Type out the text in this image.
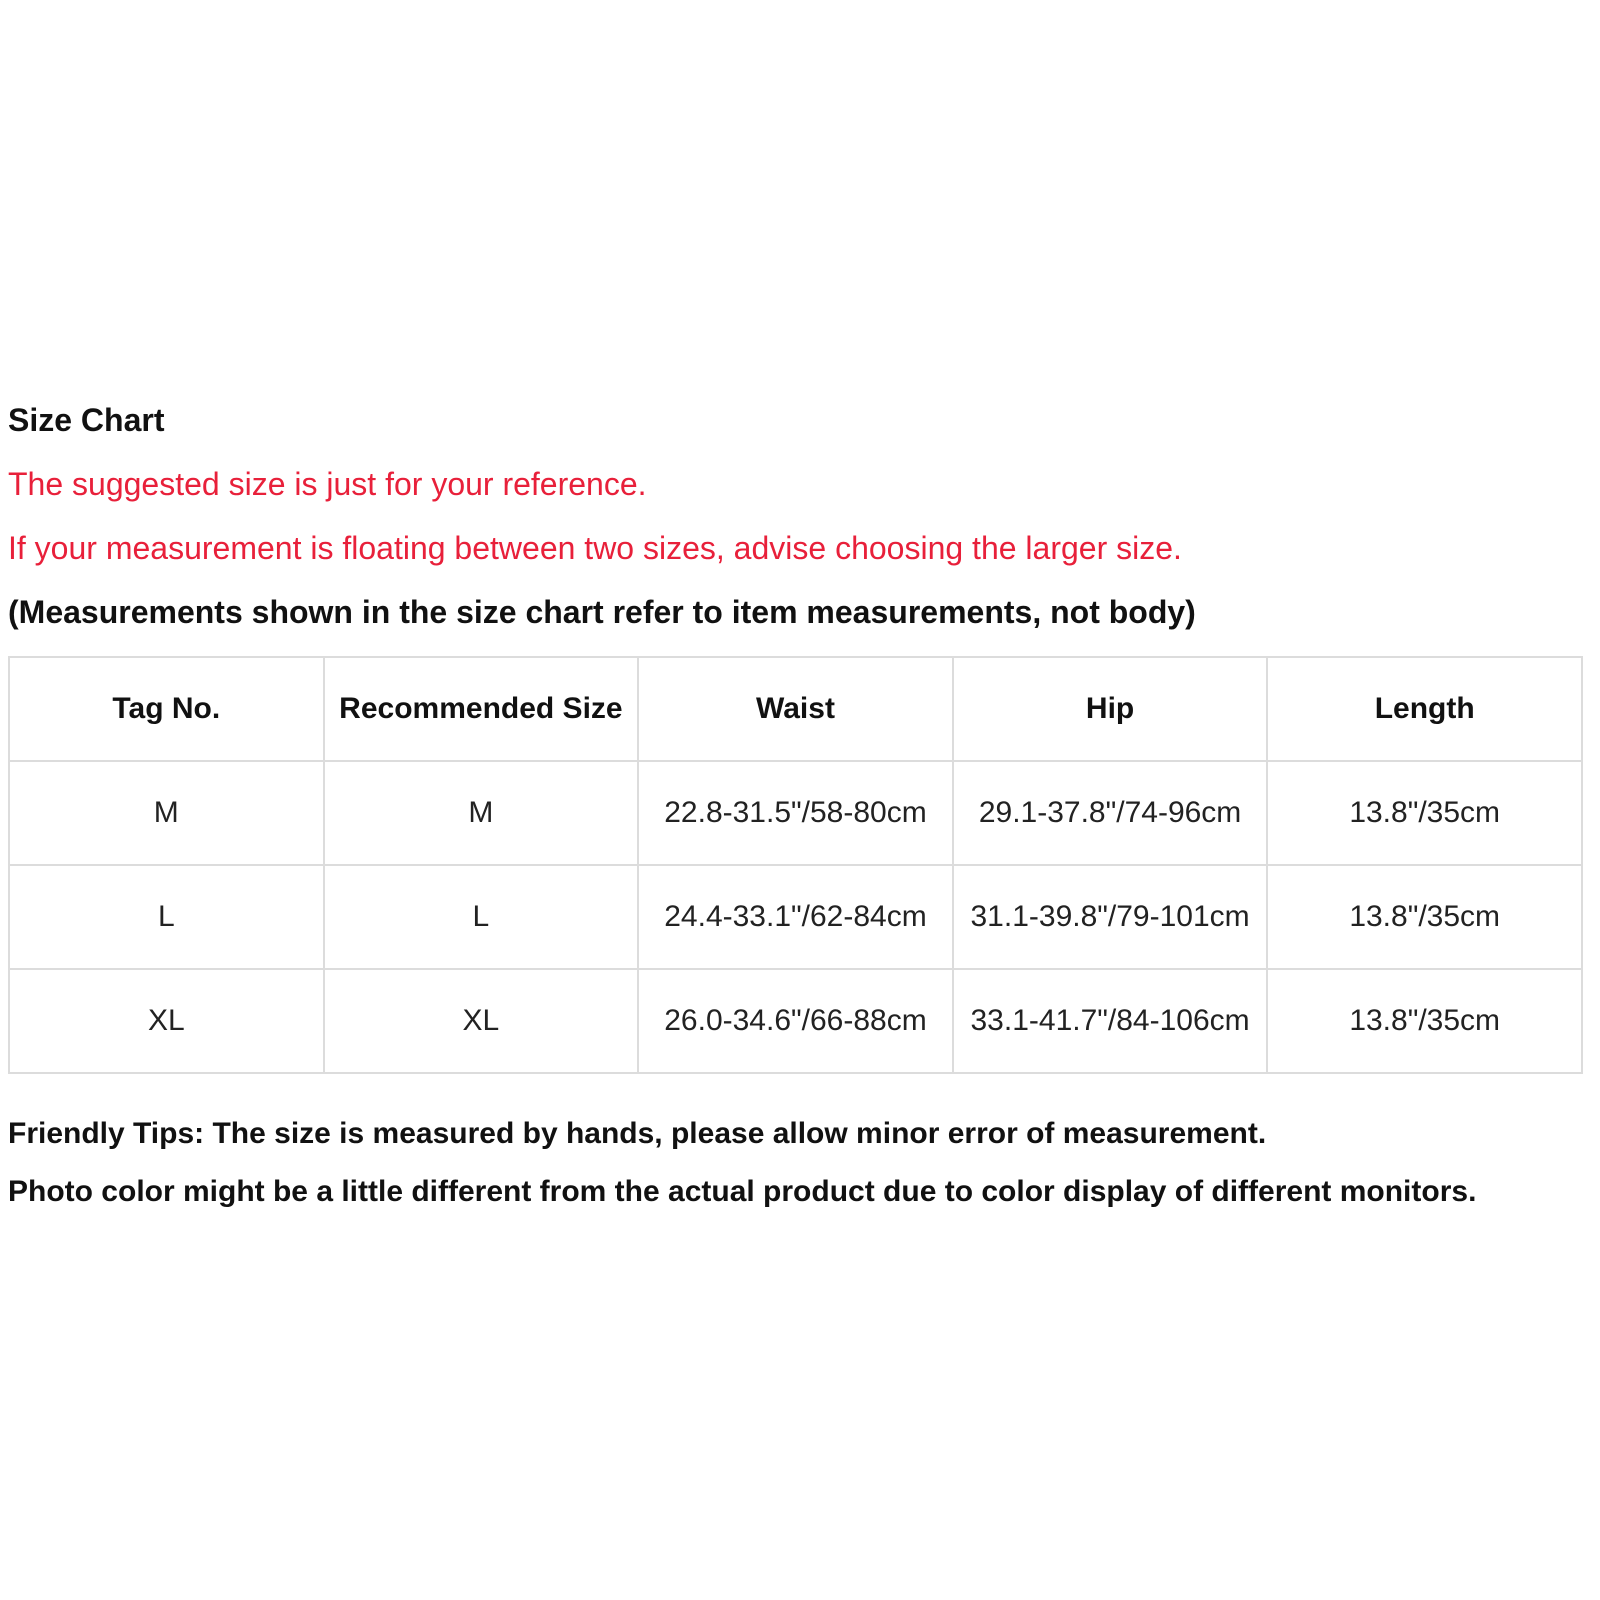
Size Chart
The suggested size is just for your reference.
If your measurement is floating between two sizes, advise choosing the larger size.
(Measurements shown in the size chart refer to item measurements, not body)
Tag No.	Recommended Size	Waist	Hip	Length
M	M	22.8-31.5"/58-80cm	29.1-37.8"/74-96cm	13.8"/35cm
L	L	24.4-33.1"/62-84cm	31.1-39.8"/79-101cm	13.8"/35cm
XL	XL	26.0-34.6"/66-88cm	33.1-41.7"/84-106cm	13.8"/35cm
Friendly Tips: The size is measured by hands, please allow minor error of measurement.
Photo color might be a little different from the actual product due to color display of different monitors.
